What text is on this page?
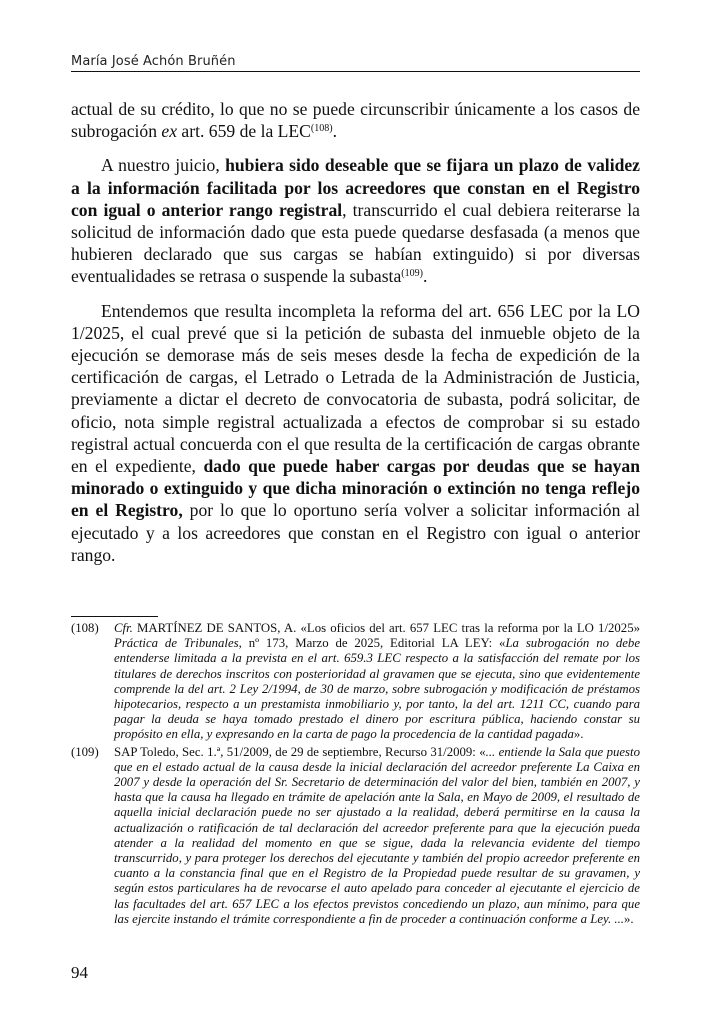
María José Achón Bruñén

actual de su crédito, lo que no se puede circunscribir únicamente a los casos de subrogación ex art. 659 de la LEC$^{(108)}$.

A nuestro juicio, hubiera sido deseable que se fijara un plazo de validez a la información facilitada por los acreedores que constan en el Registro con igual o anterior rango registral, transcurrido el cual debiera reiterarse la solicitud de información dado que esta puede quedarse desfasada (a menos que hubieren declarado que sus cargas se habían extinguido) si por diversas eventualidades se retrasa o suspende la subasta$^{(109)}$.

Entendemos que resulta incompleta la reforma del art. 656 LEC por la LO 1/2025, el cual prevé que si la petición de subasta del inmueble objeto de la ejecución se demorase más de seis meses desde la fecha de expedición de la certificación de cargas, el Letrado o Letrada de la Administración de Justicia, previamente a dictar el decreto de convocatoria de subasta, podrá solicitar, de oficio, nota simple registral actualizada a efectos de comprobar si su estado registral actual concuerda con el que resulta de la certificación de cargas obrante en el expediente, dado que puede haber cargas por deudas que se hayan minorado o extinguido y que dicha minoración o extinción no tenga reflejo en el Registro, por lo que lo oportuno sería volver a solicitar información al ejecutado y a los acreedores que constan en el Registro con igual o anterior rango.

(108)	Cfr. MARTÍNEZ DE SANTOS, A. «Los oficios del art. 657 LEC tras la reforma por la LO 1/2025» Práctica de Tribunales, nº 173, Marzo de 2025, Editorial LA LEY: «La subrogación no debe entenderse limitada a la prevista en el art. 659.3 LEC respecto a la satisfacción del remate por los titulares de derechos inscritos con posterioridad al gravamen que se ejecuta, sino que evidentemente comprende la del art. 2 Ley 2/1994, de 30 de marzo, sobre subrogación y modificación de préstamos hipotecarios, respecto a un prestamista inmobiliario y, por tanto, la del art. 1211 CC, cuando para pagar la deuda se haya tomado prestado el dinero por escritura pública, haciendo constar su propósito en ella, y expresando en la carta de pago la procedencia de la cantidad pagada».
(109)	SAP Toledo, Sec. 1.ª, 51/2009, de 29 de septiembre, Recurso 31/2009: «... entiende la Sala que puesto que en el estado actual de la causa desde la inicial declaración del acreedor preferente La Caixa en 2007 y desde la operación del Sr. Secretario de determinación del valor del bien, también en 2007, y hasta que la causa ha llegado en trámite de apelación ante la Sala, en Mayo de 2009, el resultado de aquella inicial declaración puede no ser ajustado a la realidad, deberá permitirse en la causa la actualización o ratificación de tal declaración del acreedor preferente para que la ejecución pueda atender a la realidad del momento en que se sigue, dada la relevancia evidente del tiempo transcurrido, y para proteger los derechos del ejecutante y también del propio acreedor preferente en cuanto a la constancia final que en el Registro de la Propiedad puede resultar de su gravamen, y según estos particulares ha de revocarse el auto apelado para conceder al ejecutante el ejercicio de las facultades del art. 657 LEC a los efectos previstos concediendo un plazo, aun mínimo, para que las ejercite instando el trámite correspondiente a fin de proceder a continuación conforme a Ley. ...».
94
